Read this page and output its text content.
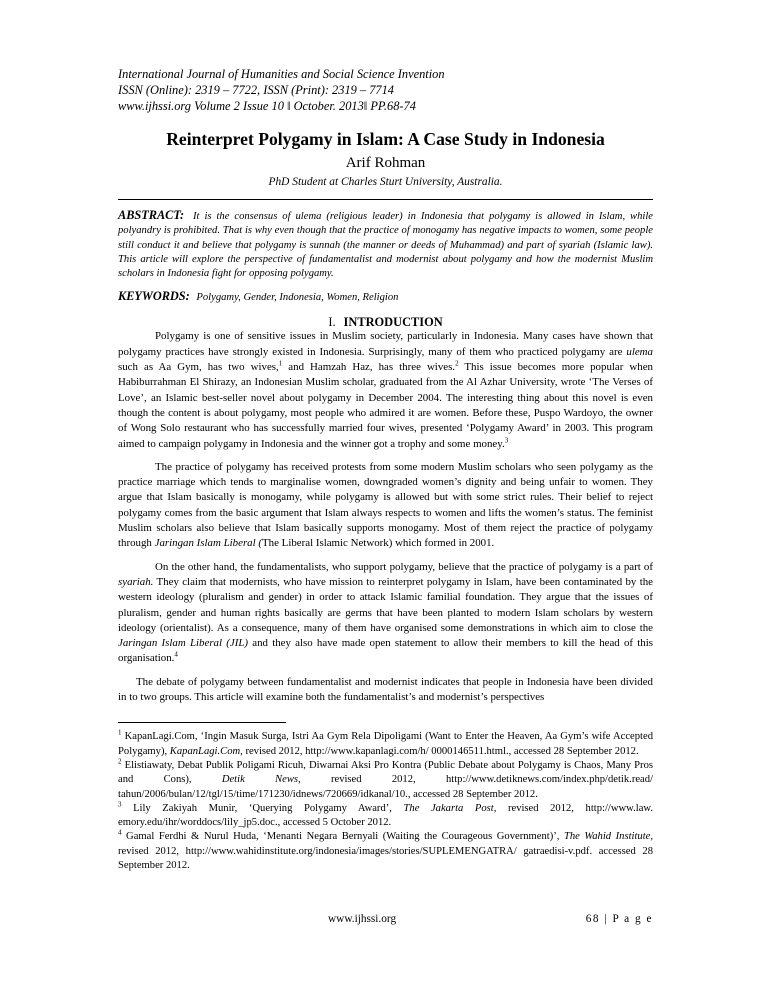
International Journal of Humanities and Social Science Invention
ISSN (Online): 2319 – 7722, ISSN (Print): 2319 – 7714
www.ijhssi.org Volume 2 Issue 10 ǁ October. 2013ǁ PP.68-74
Reinterpret Polygamy in Islam: A Case Study in Indonesia
Arif Rohman
PhD Student at Charles Sturt University, Australia.
ABSTRACT: It is the consensus of ulema (religious leader) in Indonesia that polygamy is allowed in Islam, while polyandry is prohibited. That is why even though that the practice of monogamy has negative impacts to women, some people still conduct it and believe that polygamy is sunnah (the manner or deeds of Muhammad) and part of syariah (Islamic law). This article will explore the perspective of fundamentalist and modernist about polygamy and how the modernist Muslim scholars in Indonesia fight for opposing polygamy.
KEYWORDS: Polygamy, Gender, Indonesia, Women, Religion
I. INTRODUCTION

Polygamy is one of sensitive issues in Muslim society, particularly in Indonesia. Many cases have shown that polygamy practices have strongly existed in Indonesia. Surprisingly, many of them who practiced polygamy are ulema such as Aa Gym, has two wives,$^1$ and Hamzah Haz, has three wives.$^2$ This issue becomes more popular when Habiburrahman El Shirazy, an Indonesian Muslim scholar, graduated from the Al Azhar University, wrote ‘The Verses of Love’, an Islamic best-seller novel about polygamy in December 2004. The interesting thing about this novel is even though the content is about polygamy, most people who admired it are women. Before these, Puspo Wardoyo, the owner of Wong Solo restaurant who has successfully married four wives, presented ‘Polygamy Award’ in 2003. This program aimed to campaign polygamy in Indonesia and the winner got a trophy and some money.$^3$

The practice of polygamy has received protests from some modern Muslim scholars who seen polygamy as the practice marriage which tends to marginalise women, downgraded women’s dignity and being unfair to women. They argue that Islam basically is monogamy, while polygamy is allowed but with some strict rules. Their belief to reject polygamy comes from the basic argument that Islam always respects to women and lifts the women’s status. The feminist Muslim scholars also believe that Islam basically supports monogamy. Most of them reject the practice of polygamy through Jaringan Islam Liberal (The Liberal Islamic Network) which formed in 2001.

On the other hand, the fundamentalists, who support polygamy, believe that the practice of polygamy is a part of syariah. They claim that modernists, who have mission to reinterpret polygamy in Islam, have been contaminated by the western ideology (pluralism and gender) in order to attack Islamic familial foundation. They argue that the issues of pluralism, gender and human rights basically are germs that have been planted to modern Islam scholars by western ideology (orientalist). As a consequence, many of them have organised some demonstrations in which aim to close the Jaringan Islam Liberal (JIL) and they also have made open statement to allow their members to kill the head of this organisation.$^4$

The debate of polygamy between fundamentalist and modernist indicates that people in Indonesia have been divided in to two groups. This article will examine both the fundamentalist’s and modernist’s perspectives

$^1$ KapanLagi.Com, ‘Ingin Masuk Surga, Istri Aa Gym Rela Dipoligami (Want to Enter the Heaven, Aa Gym’s wife Accepted Polygamy), KapanLagi.Com, revised 2012, http://www.kapanlagi.com/h/ 0000146511.html., accessed 28 September 2012.

$^2$ Elistiawaty, Debat Publik Poligami Ricuh, Diwarnai Aksi Pro Kontra (Public Debate about Polygamy is Chaos, Many Pros and Cons), Detik News, revised 2012, http://www.detiknews.com/index.php/detik.read/ tahun/2006/bulan/12/tgl/15/time/171230/idnews/720669/idkanal/10., accessed 28 September 2012.

$^3$ Lily Zakiyah Munir, ‘Querying Polygamy Award’, The Jakarta Post, revised 2012, http://www.law. emory.edu/ihr/worddocs/lily_jp5.doc., accessed 5 October 2012.

$^4$ Gamal Ferdhi & Nurul Huda, ‘Menanti Negara Bernyali (Waiting the Courageous Government)’, The Wahid Institute, revised 2012, http://www.wahidinstitute.org/indonesia/images/stories/SUPLEMENGATRA/ gatraedisi-v.pdf. accessed 28 September 2012.

www.ijhssi.org	68 | P a g e
